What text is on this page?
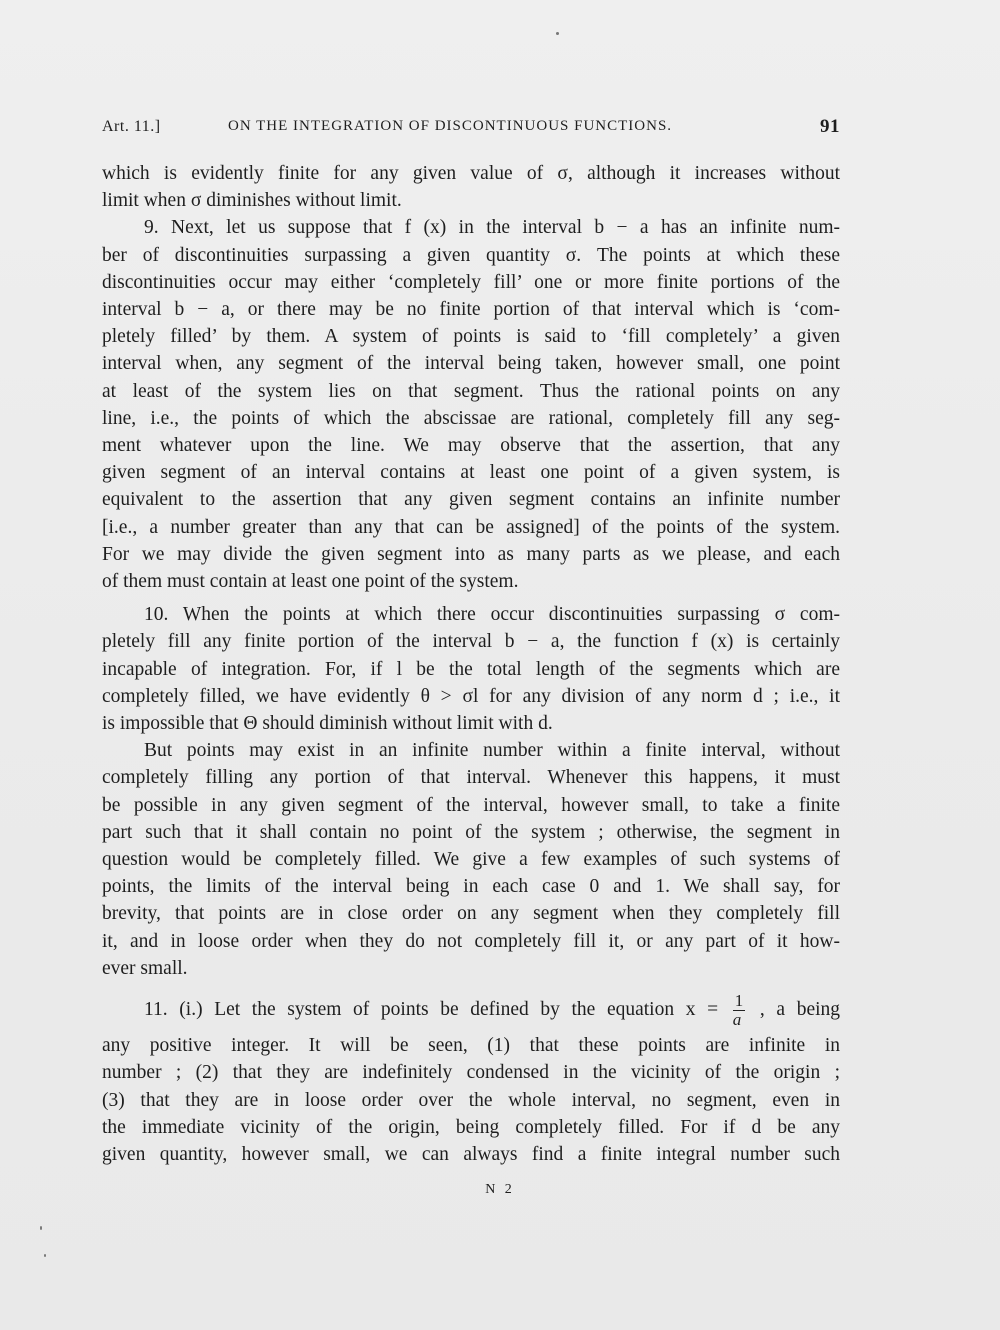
Art. 11.]	ON THE INTEGRATION OF DISCONTINUOUS FUNCTIONS.	91

which is evidently finite for any given value of σ, although it increases without
limit when σ diminishes without limit.

9. Next, let us suppose that f (x) in the interval b − a has an infinite num-
ber of discontinuities surpassing a given quantity σ. The points at which these
discontinuities occur may either ‘completely fill’ one or more finite portions of the
interval b − a, or there may be no finite portion of that interval which is ‘com-
pletely filled’ by them. A system of points is said to ‘fill completely’ a given
interval when, any segment of the interval being taken, however small, one point
at least of the system lies on that segment. Thus the rational points on any
line, i.e., the points of which the abscissae are rational, completely fill any seg-
ment whatever upon the line. We may observe that the assertion, that any
given segment of an interval contains at least one point of a given system, is
equivalent to the assertion that any given segment contains an infinite number
[i.e., a number greater than any that can be assigned] of the points of the system.
For we may divide the given segment into as many parts as we please, and each
of them must contain at least one point of the system.

10. When the points at which there occur discontinuities surpassing σ com-
pletely fill any finite portion of the interval b − a, the function f (x) is certainly
incapable of integration. For, if l be the total length of the segments which are
completely filled, we have evidently θ > σl for any division of any norm d ; i.e., it
is impossible that Θ should diminish without limit with d.

But points may exist in an infinite number within a finite interval, without
completely filling any portion of that interval. Whenever this happens, it must
be possible in any given segment of the interval, however small, to take a finite
part such that it shall contain no point of the system ; otherwise, the segment in
question would be completely filled. We give a few examples of such systems of
points, the limits of the interval being in each case 0 and 1. We shall say, for
brevity, that points are in close order on any segment when they completely fill
it, and in loose order when they do not completely fill it, or any part of it how-
ever small.

11. (i.) Let the system of points be defined by the equation $x = \frac{1}{a}$ , a being
any positive integer. It will be seen, (1) that these points are infinite in
number ; (2) that they are indefinitely condensed in the vicinity of the origin ;
(3) that they are in loose order over the whole interval, no segment, even in
the immediate vicinity of the origin, being completely filled. For if d be any
given quantity, however small, we can always find a finite integral number such

N 2
